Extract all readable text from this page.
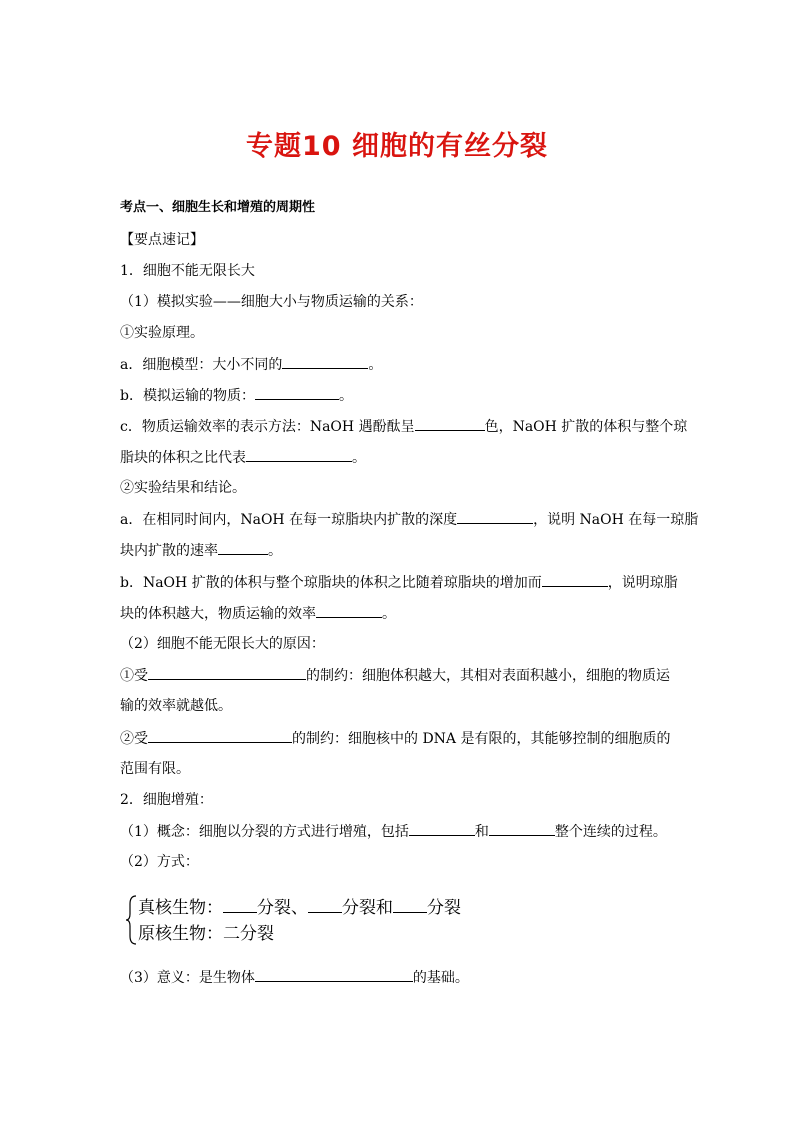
专题10 细胞的有丝分裂
考点一、细胞生长和增殖的周期性
【要点速记】
1．细胞不能无限长大
（1）模拟实验——细胞大小与物质运输的关系：
①实验原理。
a．细胞模型：大小不同的	。
b．模拟运输的物质：	。
c．物质运输效率的表示方法：NaOH 遇酚酞呈	色，NaOH 扩散的体积与整个琼
脂块的体积之比代表	。
②实验结果和结论。
a．在相同时间内，NaOH 在每一琼脂块内扩散的深度	，说明 NaOH 在每一琼脂
块内扩散的速率	。
b．NaOH 扩散的体积与整个琼脂块的体积之比随着琼脂块的增加而	，说明琼脂
块的体积越大，物质运输的效率	。
（2）细胞不能无限长大的原因：
①受	的制约：细胞体积越大，其相对表面积越小，细胞的物质运
输的效率就越低。
②受	的制约：细胞核中的 DNA 是有限的，其能够控制的细胞质的
范围有限。
2．细胞增殖：
（1）概念：细胞以分裂的方式进行增殖，包括	和	整个连续的过程。
（2）方式：
真核生物： 分裂、 分裂和 分裂
原核生物：二分裂
（3）意义：是生物体	的基础。
